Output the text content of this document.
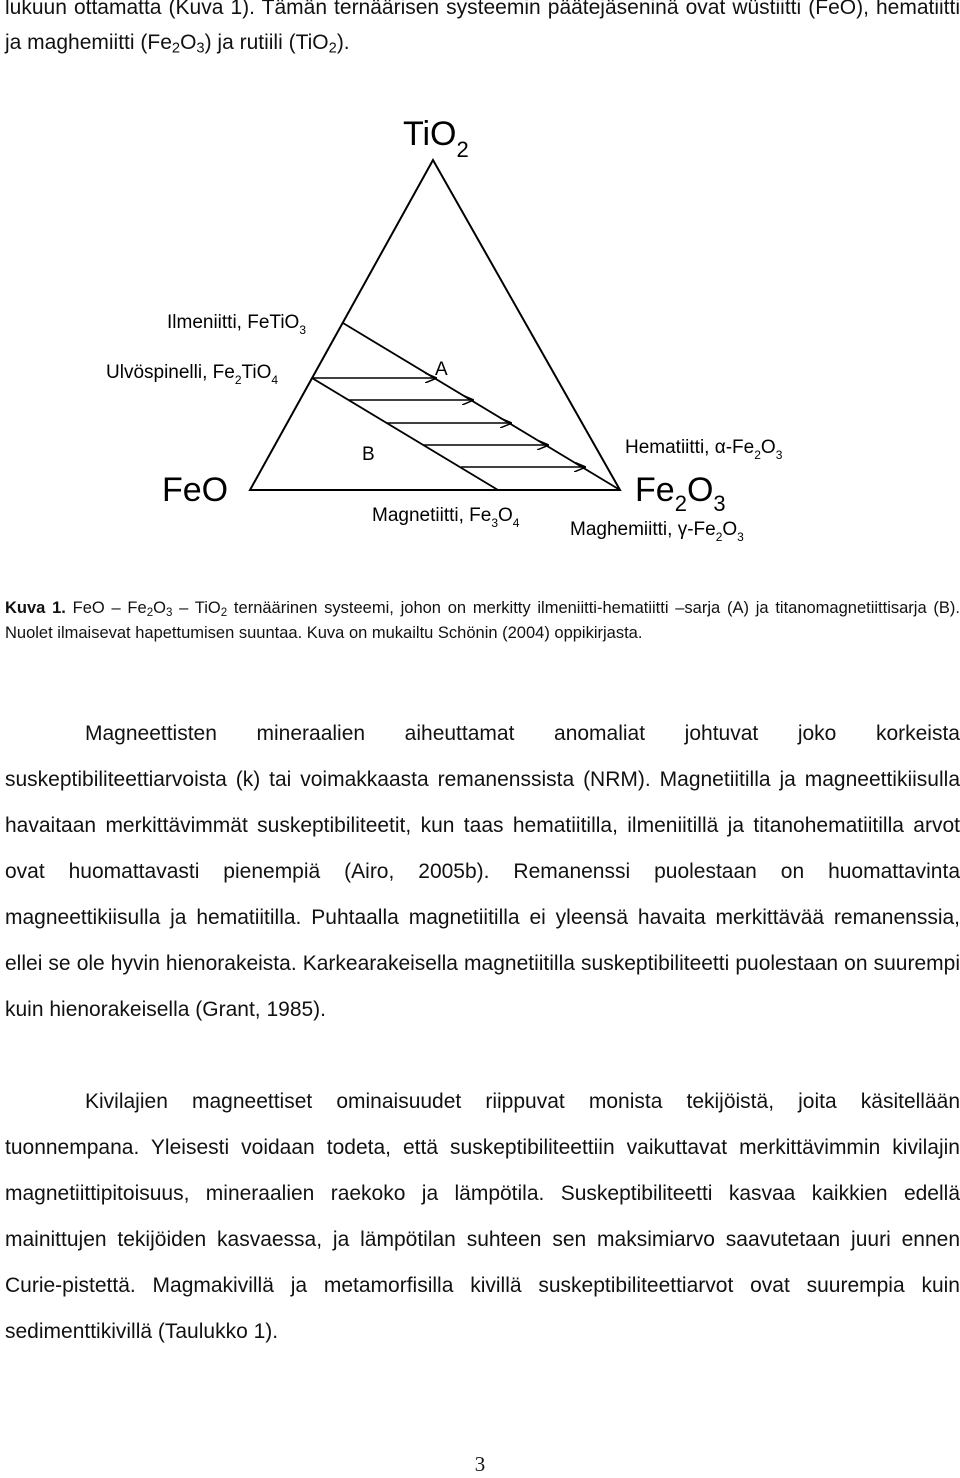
lukuun ottamatta (Kuva 1). Tämän ternäärisen systeemin päätejäseninä ovat wüstiitti (FeO), hematiitti ja maghemiitti $(Fe_2O_3)$ ja rutiili (TiO$_2$).

TiO$_2$
FeO	$Fe_2O_3$
Ilmeniitti, FeTiO$_3$
Ulvöspinelli, $Fe_2TiO_4$	A
B	Hematiitti, $\alpha-Fe_2O_3$
Magnetiitti, $Fe_3O_4$	Maghemiitti, $\gamma-Fe_2O_3$

Kuva 1. FeO – $Fe_2O_3 - TiO_2$ ternäärinen systeemi, johon on merkitty ilmeniitti-hematiitti –sarja (A) ja titanomagnetiittisarja (B). Nuolet ilmaisevat hapettumisen suuntaa. Kuva on mukailtu Schönin (2004) oppikirjasta.

Magneettisten mineraalien aiheuttamat anomaliat johtuvat joko korkeista suskeptibiliteettiarvoista (k) tai voimakkaasta remanenssista (NRM). Magnetiitilla ja magneettikiisulla havaitaan merkittävimmät suskeptibiliteetit, kun taas hematiitilla, ilmeniitillä ja titanohematiitilla arvot ovat huomattavasti pienempiä (Airo, 2005b). Remanenssi puolestaan on huomattavinta magneettikiisulla ja hematiitilla. Puhtaalla magnetiitilla ei yleensä havaita merkittävää remanenssia, ellei se ole hyvin hienorakeista. Karkearakeisella magnetiitilla suskeptibiliteetti puolestaan on suurempi kuin hienorakeisella (Grant, 1985).

Kivilajien magneettiset ominaisuudet riippuvat monista tekijöistä, joita käsitellään tuonnempana. Yleisesti voidaan todeta, että suskeptibiliteettiin vaikuttavat merkittävimmin kivilajin magnetiittipitoisuus, mineraalien raekoko ja lämpötila. Suskeptibiliteetti kasvaa kaikkien edellä mainittujen tekijöiden kasvaessa, ja lämpötilan suhteen sen maksimiarvo saavutetaan juuri ennen Curie-pistettä. Magmakivillä ja metamorfisilla kivillä suskeptibiliteettiarvot ovat suurempia kuin sedimenttikivillä (Taulukko 1).

3
